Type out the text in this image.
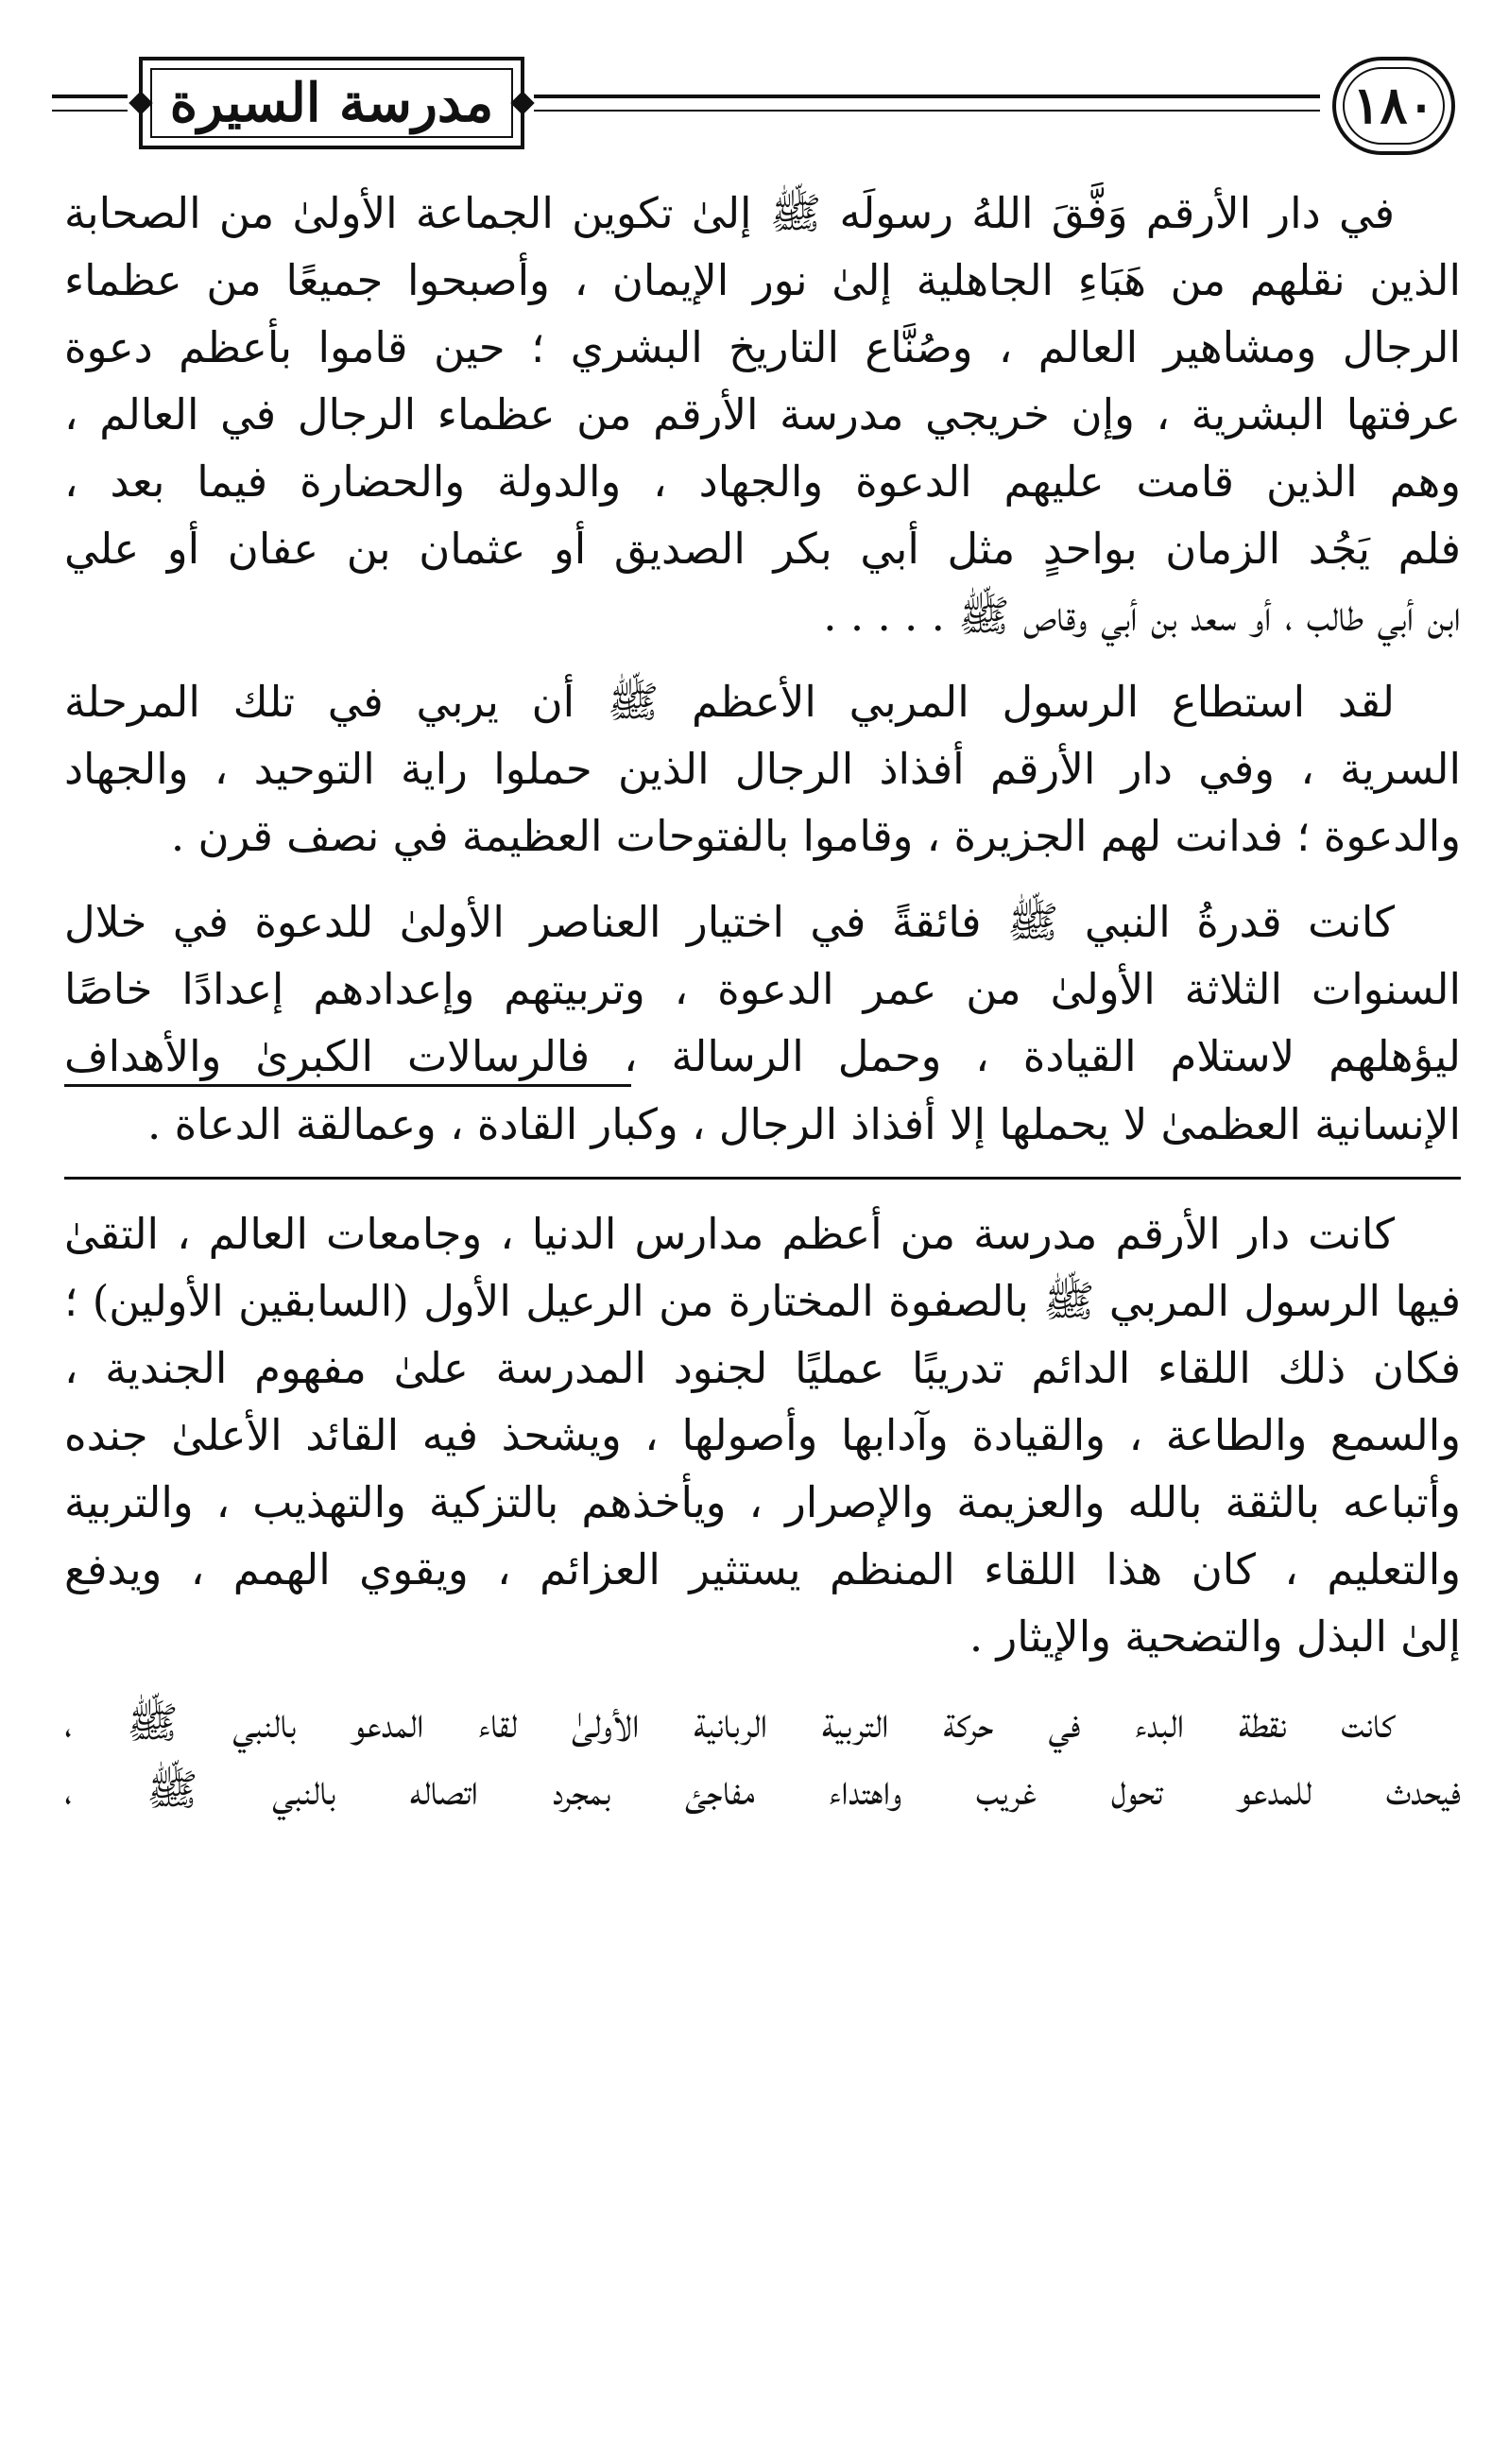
مدرسة السيرة	١٨٠

في دار الأرقم وَفَّقَ اللهُ رسولَه ﷺ إلىٰ تكوين الجماعة الأولىٰ من الصحابة
الذين نقلهم من هَبَاءِ الجاهلية إلىٰ نور الإيمان ، وأصبحوا جميعًا من عظماء
الرجال ومشاهير العالم ، وصُنَّاع التاريخ البشري ؛ حين قاموا بأعظم دعوة
عرفتها البشرية ، وإن خريجي مدرسة الأرقم من عظماء الرجال في العالم ،
وهم الذين قامت عليهم الدعوة والجهاد ، والدولة والحضارة فيما بعد ،
فلم يَجُد الزمان بواحدٍ مثل أبي بكر الصديق أو عثمان بن عفان أو علي
ابن أبي طالب ، أو سعد بن أبي وقاص ﷺ . . . . .

لقد استطاع الرسول المربي الأعظم ﷺ أن يربي في تلك المرحلة
السرية ، وفي دار الأرقم أفذاذ الرجال الذين حملوا راية التوحيد ، والجهاد
والدعوة ؛ فدانت لهم الجزيرة ، وقاموا بالفتوحات العظيمة في نصف قرن .

كانت قدرةُ النبي ﷺ فائقةً في اختيار العناصر الأولىٰ للدعوة في خلال
السنوات الثلاثة الأولىٰ من عمر الدعوة ، وتربيتهم وإعدادهم إعدادًا خاصًا
ليؤهلهم لاستلام القيادة ، وحمل الرسالة ، فالرسالات الكبرىٰ والأهداف
الإنسانية العظمىٰ لا يحملها إلا أفذاذ الرجال ، وكبار القادة ، وعمالقة الدعاة .

كانت دار الأرقم مدرسة من أعظم مدارس الدنيا ، وجامعات العالم ، التقىٰ
فيها الرسول المربي ﷺ بالصفوة المختارة من الرعيل الأول (السابقين الأولين) ؛
فكان ذلك اللقاء الدائم تدريبًا عمليًا لجنود المدرسة علىٰ مفهوم الجندية ،
والسمع والطاعة ، والقيادة وآدابها وأصولها ، ويشحذ فيه القائد الأعلىٰ جنده
وأتباعه بالثقة بالله والعزيمة والإصرار ، ويأخذهم بالتزكية والتهذيب ، والتربية
والتعليم ، كان هذا اللقاء المنظم يستثير العزائم ، ويقوي الهمم ، ويدفع
إلىٰ البذل والتضحية والإيثار .

كانت نقطة البدء في حركة التربية الربانية الأولىٰ لقاء المدعو بالنبي ﷺ ،
فيحدث للمدعو تحول غريب واهتداء مفاجئ بمجرد اتصاله بالنبي ﷺ ،
